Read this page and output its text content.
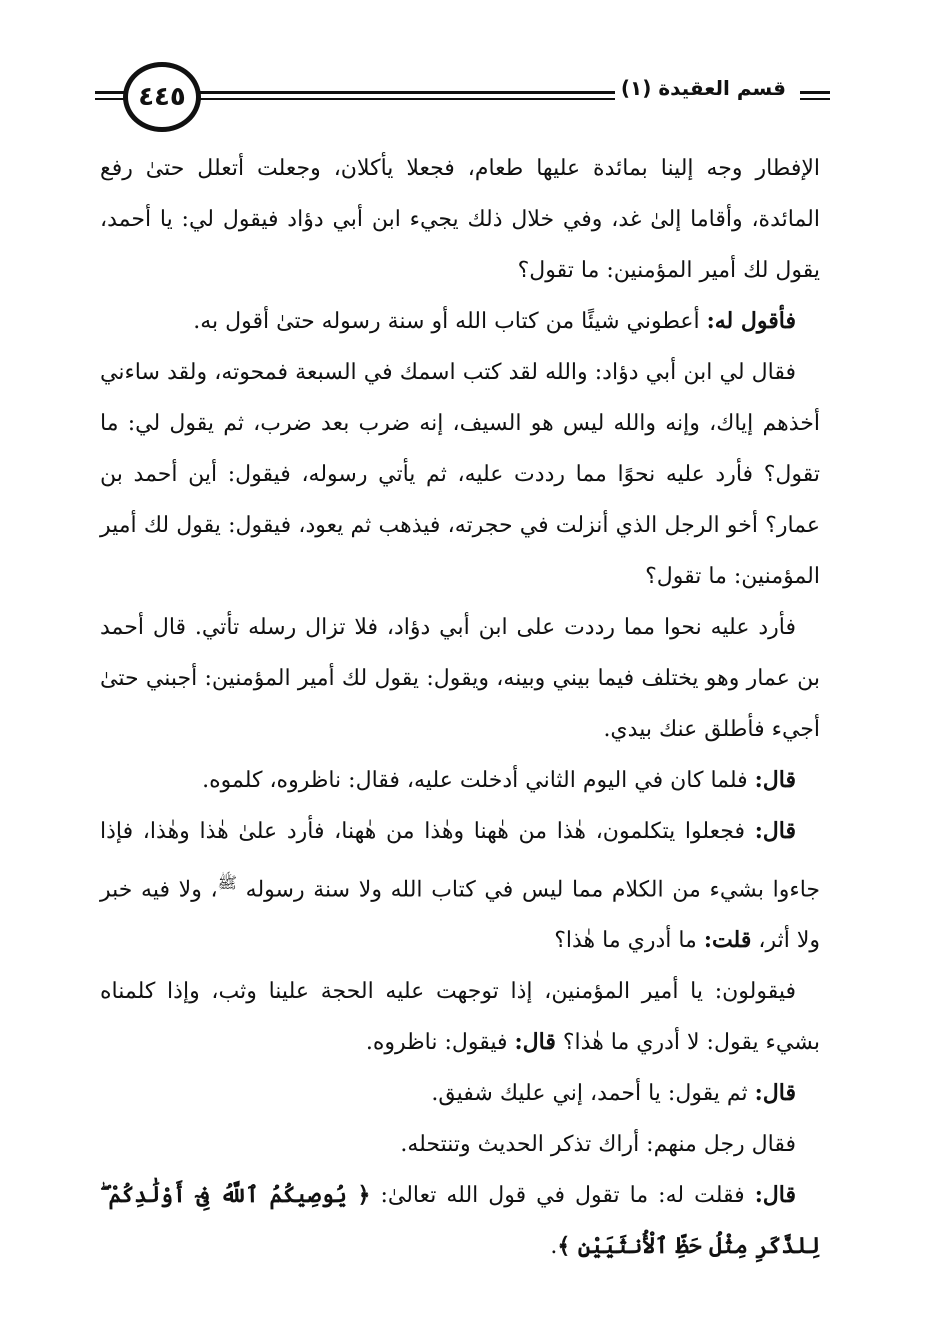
٤٤٥	قسم العقيدة (١)

الإفطار وجه إلينا بمائدة عليها طعام، فجعلا يأكلان، وجعلت أتعلل حتىٰ رفع المائدة، وأقاما إلىٰ غد، وفي خلال ذلك يجيء ابن أبي دؤاد فيقول لي: يا أحمد، يقول لك أمير المؤمنين: ما تقول؟

فأقول له: أعطوني شيئًا من كتاب الله أو سنة رسوله حتىٰ أقول به.

فقال لي ابن أبي دؤاد: والله لقد كتب اسمك في السبعة فمحوته، ولقد ساءني أخذهم إياك، وإنه والله ليس هو السيف، إنه ضرب بعد ضرب، ثم يقول لي: ما تقول؟ فأرد عليه نحوًا مما رددت عليه، ثم يأتي رسوله، فيقول: أين أحمد بن عمار؟ أخو الرجل الذي أنزلت في حجرته، فيذهب ثم يعود، فيقول: يقول لك أمير المؤمنين: ما تقول؟

فأرد عليه نحوا مما رددت على ابن أبي دؤاد، فلا تزال رسله تأتي. قال أحمد بن عمار وهو يختلف فيما بيني وبينه، ويقول: يقول لك أمير المؤمنين: أجبني حتىٰ أجيء فأطلق عنك بيدي.

قال: فلما كان في اليوم الثاني أدخلت عليه، فقال: ناظروه، كلموه.

قال: فجعلوا يتكلمون، هٰذا من هٰهنا وهٰذا من هٰهنا، فأرد علىٰ هٰذا وهٰذا، فإذا جاءوا بشيء من الكلام مما ليس في كتاب الله ولا سنة رسوله $^ﷺ$، ولا فيه خبر ولا أثر، قلت: ما أدري ما هٰذا؟

فيقولون: يا أمير المؤمنين، إذا توجهت عليه الحجة علينا وثب، وإذا كلمناه بشيء يقول: لا أدري ما هٰذا؟ قال: فيقول: ناظروه.

قال: ثم يقول: يا أحمد، إني عليك شفيق.

فقال رجل منهم: أراك تذكر الحديث وتنتحله.

قال: فقلت له: ما تقول في قول الله تعالىٰ: ﴿ يُوصِيكُمُ ٱللَّهُ فِىٓ أَوْلَٰدِكُمْ ۖ لِلذَّكَرِ مِثْلُ حَظِّ ٱلْأُنثَيَيْنِ ﴾.
